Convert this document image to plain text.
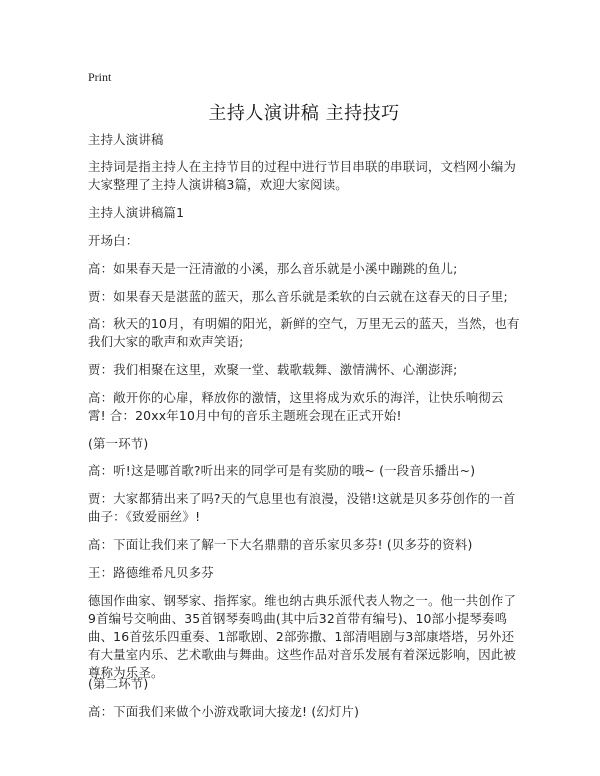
Print
主持人演讲稿 主持技巧
主持人演讲稿
主持词是指主持人在主持节目的过程中进行节目串联的串联词，文档网小编为大家整理了主持人演讲稿3篇，欢迎大家阅读。
主持人演讲稿篇1
开场白：
高：如果春天是一汪清澈的小溪，那么音乐就是小溪中蹦跳的鱼儿;
贾：如果春天是湛蓝的蓝天，那么音乐就是柔软的白云就在这春天的日子里;
高：秋天的10月，有明媚的阳光，新鲜的空气，万里无云的蓝天，当然，也有我们大家的歌声和欢声笑语;
贾：我们相聚在这里，欢聚一堂、载歌载舞、激情满怀、心潮澎湃;
高：敞开你的心扉，释放你的激情，这里将成为欢乐的海洋，让快乐响彻云霄! 合：20xx年10月中旬的音乐主题班会现在正式开始!
(第一环节)
高：听!这是哪首歌?听出来的同学可是有奖励的哦~ (一段音乐播出~)
贾：大家都猜出来了吗?天的气息里也有浪漫，没错!这就是贝多芬创作的一首曲子：《致爱丽丝》!
高：下面让我们来了解一下大名鼎鼎的音乐家贝多芬! (贝多芬的资料)
王：路德维希凡贝多芬
德国作曲家、钢琴家、指挥家。维也纳古典乐派代表人物之一。他一共创作了9首编号交响曲、35首钢琴奏鸣曲(其中后32首带有编号)、10部小提琴奏鸣曲、16首弦乐四重奏、1部歌剧、2部弥撒、1部清唱剧与3部康塔塔，另外还有大量室内乐、艺术歌曲与舞曲。这些作品对音乐发展有着深远影响，因此被尊称为乐圣。
(第二环节)
高：下面我们来做个小游戏歌词大接龙! (幻灯片)
